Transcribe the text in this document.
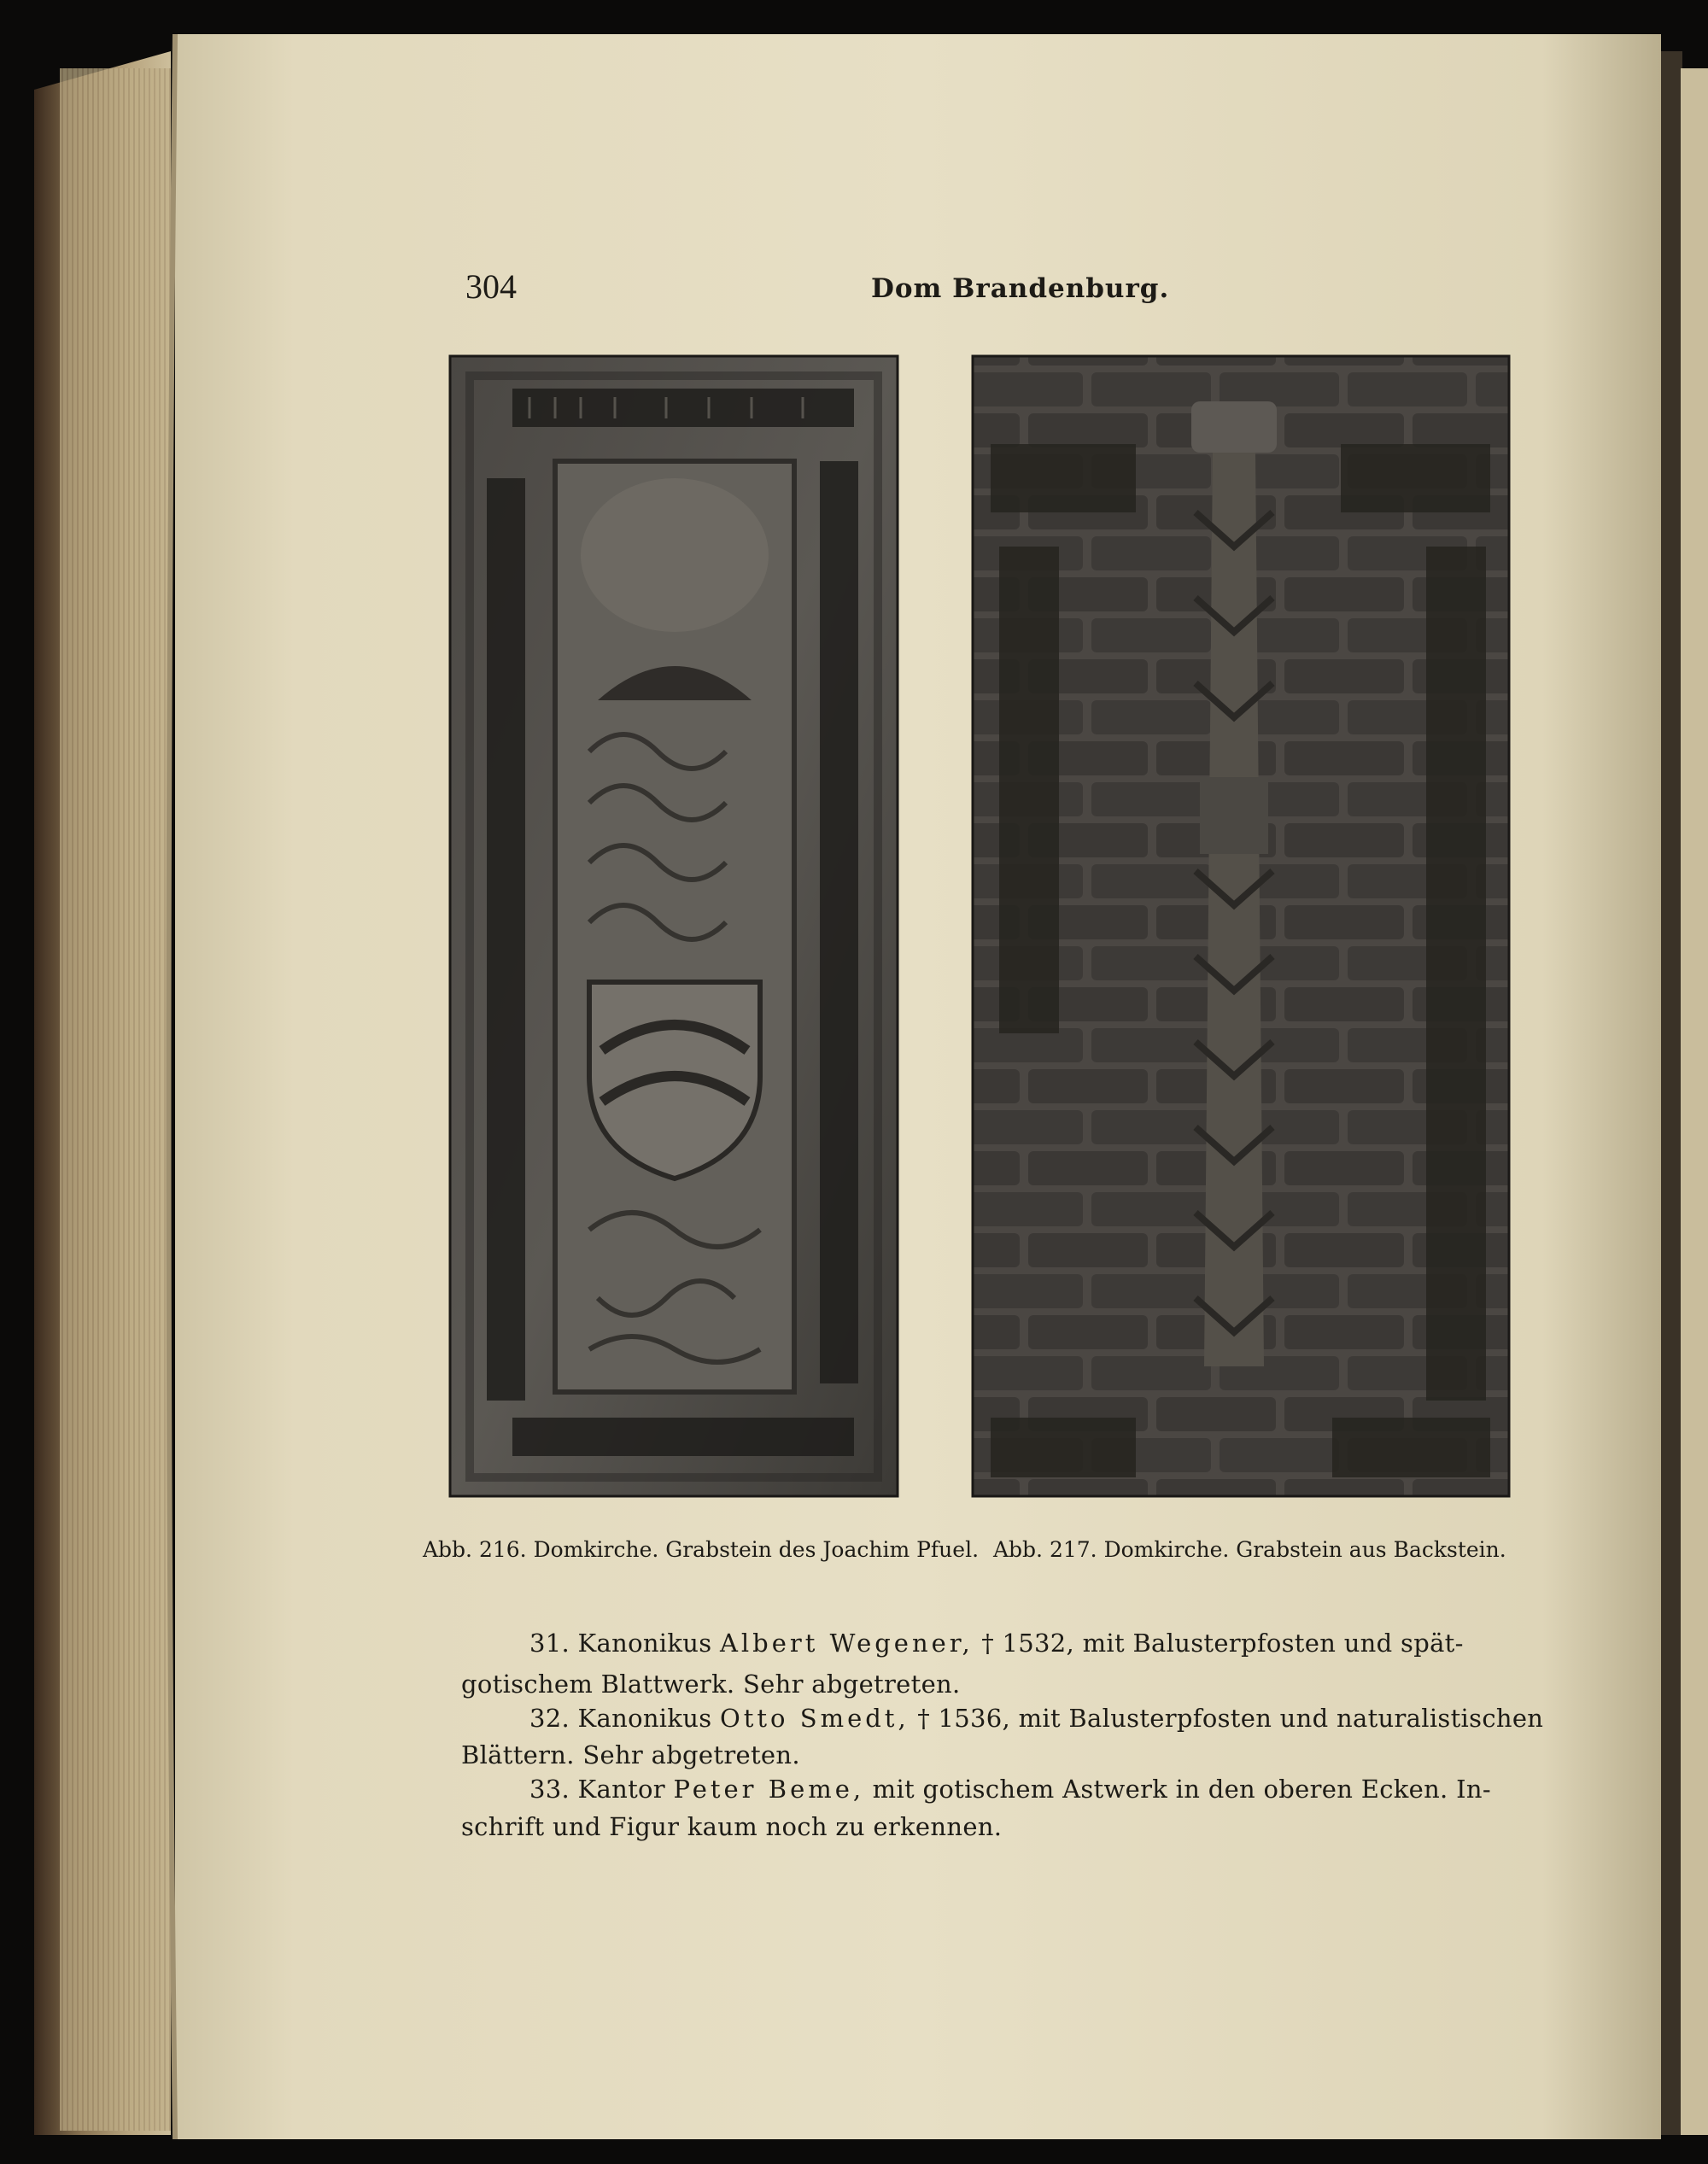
304	Dom Brandenburg.
Abb. 216. Domkirche. Grabstein des Joachim Pfuel. Abb. 217. Domkirche. Grabstein aus Backstein.
31. Kanonikus Albert Wegener, † 1532, mit Balusterpfosten und spät-
gotischem Blattwerk. Sehr abgetreten.
32. Kanonikus Otto Smedt, † 1536, mit Balusterpfosten und naturalistischen
Blättern. Sehr abgetreten.
33. Kantor Peter Beme, mit gotischem Astwerk in den oberen Ecken. In-
schrift und Figur kaum noch zu erkennen.
